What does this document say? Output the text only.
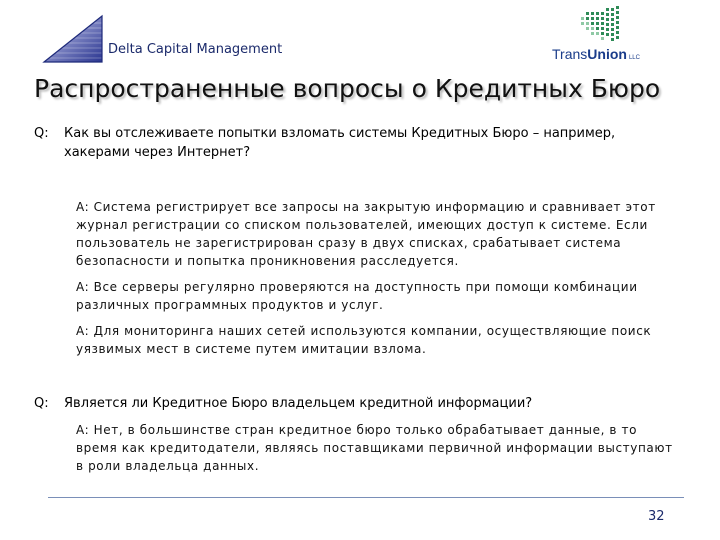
Delta Capital Management	TransUnion LLC
Распространенные вопросы о Кредитных Бюро
Q: Как вы отслеживаете попытки взломать системы Кредитных Бюро – например, хакерами через Интернет?
A: Система регистрирует все запросы на закрытую информацию и сравнивает этот журнал регистрации со списком пользователей, имеющих доступ к системе. Если пользователь не зарегистрирован сразу в двух списках, срабатывает система безопасности и попытка проникновения расследуется.
A: Все серверы регулярно проверяются на доступность при помощи комбинации различных программных продуктов и услуг.
A: Для мониторинга наших сетей используются компании, осуществляющие поиск уязвимых мест в системе путем имитации взлома.
Q: Является ли Кредитное Бюро владельцем кредитной информации?
A: Нет, в большинстве стран кредитное бюро только обрабатывает данные, в то время как кредитодатели, являясь поставщиками первичной информации выступают в роли владельца данных.
32
